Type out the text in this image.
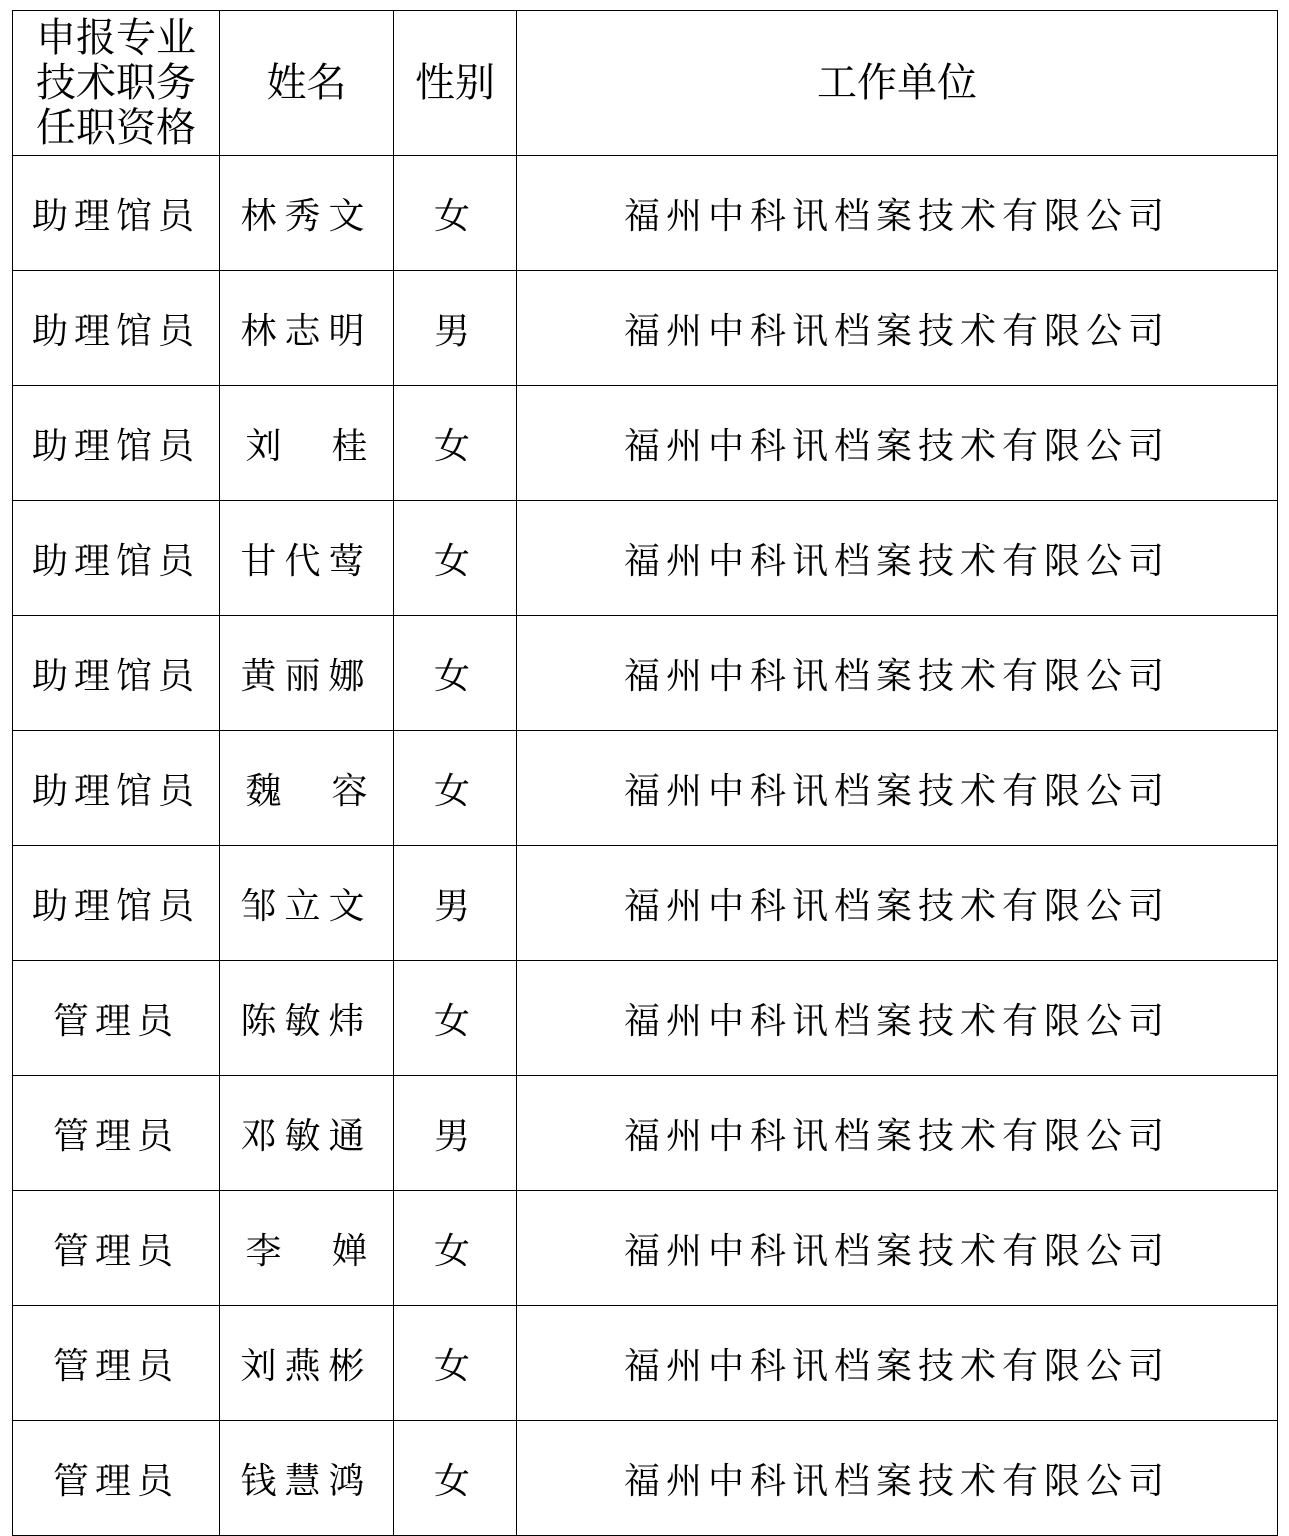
申报专业
技术职务
任职资格	姓名	性别	工作单位
助理馆员	林秀文	女	福州中科讯档案技术有限公司
助理馆员	林志明	男	福州中科讯档案技术有限公司
助理馆员	刘 桂	女	福州中科讯档案技术有限公司
助理馆员	甘代莺	女	福州中科讯档案技术有限公司
助理馆员	黄丽娜	女	福州中科讯档案技术有限公司
助理馆员	魏 容	女	福州中科讯档案技术有限公司
助理馆员	邹立文	男	福州中科讯档案技术有限公司
管理员	陈敏炜	女	福州中科讯档案技术有限公司
管理员	邓敏通	男	福州中科讯档案技术有限公司
管理员	李 婵	女	福州中科讯档案技术有限公司
管理员	刘燕彬	女	福州中科讯档案技术有限公司
管理员	钱慧鸿	女	福州中科讯档案技术有限公司
